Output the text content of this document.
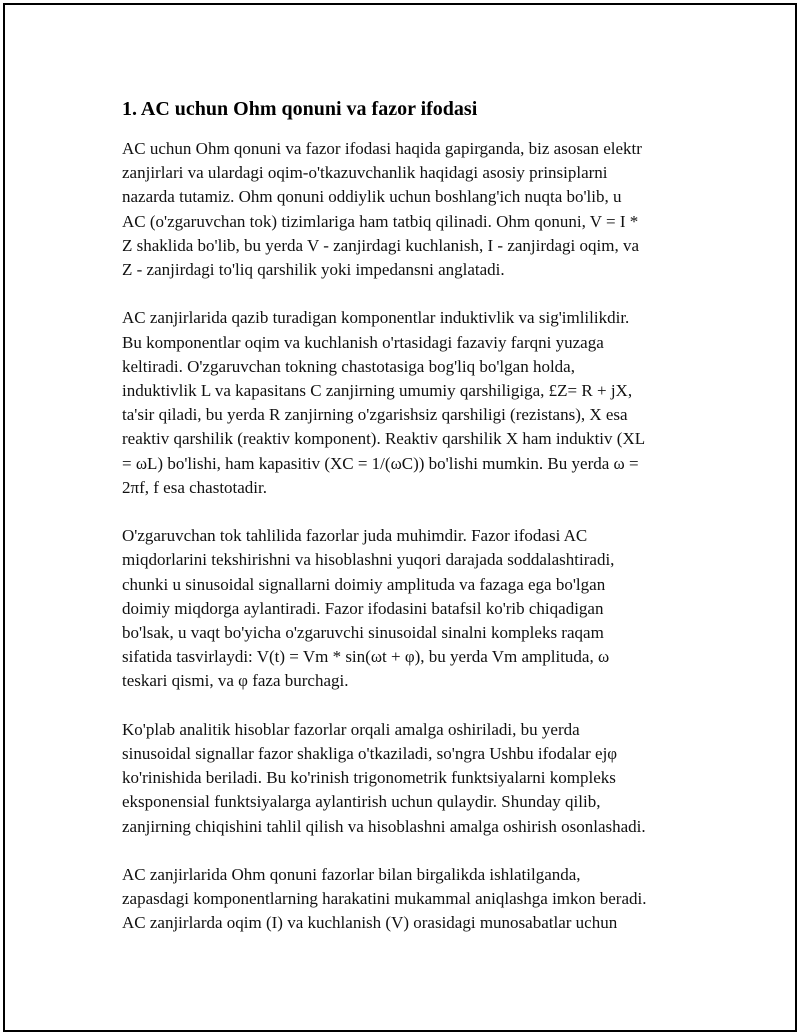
1. AC uchun Ohm qonuni va fazor ifodasi

AC uchun Ohm qonuni va fazor ifodasi haqida gapirganda, biz asosan elektr
zanjirlari va ulardagi oqim-o'tkazuvchanlik haqidagi asosiy prinsiplarni
nazarda tutamiz. Ohm qonuni oddiylik uchun boshlang'ich nuqta bo'lib, u
AC (o'zgaruvchan tok) tizimlariga ham tatbiq qilinadi. Ohm qonuni, V = I *
Z shaklida bo'lib, bu yerda V - zanjirdagi kuchlanish, I - zanjirdagi oqim, va
Z - zanjirdagi to'liq qarshilik yoki impedansni anglatadi.

AC zanjirlarida qazib turadigan komponentlar induktivlik va sig'imlilikdir.
Bu komponentlar oqim va kuchlanish o'rtasidagi fazaviy farqni yuzaga
keltiradi. O'zgaruvchan tokning chastotasiga bog'liq bo'lgan holda,
induktivlik L va kapasitans C zanjirning umumiy qarshiligiga, £Z= R + jX,
ta'sir qiladi, bu yerda R zanjirning o'zgarishsiz qarshiligi (rezistans), X esa
reaktiv qarshilik (reaktiv komponent). Reaktiv qarshilik X ham induktiv (XL
= ωL) bo'lishi, ham kapasitiv (XC = 1/(ωC)) bo'lishi mumkin. Bu yerda ω =
2πf, f esa chastotadir.

O'zgaruvchan tok tahlilida fazorlar juda muhimdir. Fazor ifodasi AC
miqdorlarini tekshirishni va hisoblashni yuqori darajada soddalashtiradi,
chunki u sinusoidal signallarni doimiy amplituda va fazaga ega bo'lgan
doimiy miqdorga aylantiradi. Fazor ifodasini batafsil ko'rib chiqadigan
bo'lsak, u vaqt bo'yicha o'zgaruvchi sinusoidal sinalni kompleks raqam
sifatida tasvirlaydi: V(t) = Vm * sin(ωt + φ), bu yerda Vm amplituda, ω
teskari qismi, va φ faza burchagi.

Ko'plab analitik hisoblar fazorlar orqali amalga oshiriladi, bu yerda
sinusoidal signallar fazor shakliga o'tkaziladi, so'ngra Ushbu ifodalar ejφ
ko'rinishida beriladi. Bu ko'rinish trigonometrik funktsiyalarni kompleks
eksponensial funktsiyalarga aylantirish uchun qulaydir. Shunday qilib,
zanjirning chiqishini tahlil qilish va hisoblashni amalga oshirish osonlashadi.

AC zanjirlarida Ohm qonuni fazorlar bilan birgalikda ishlatilganda,
zapasdagi komponentlarning harakatini mukammal aniqlashga imkon beradi.
AC zanjirlarda oqim (I) va kuchlanish (V) orasidagi munosabatlar uchun
